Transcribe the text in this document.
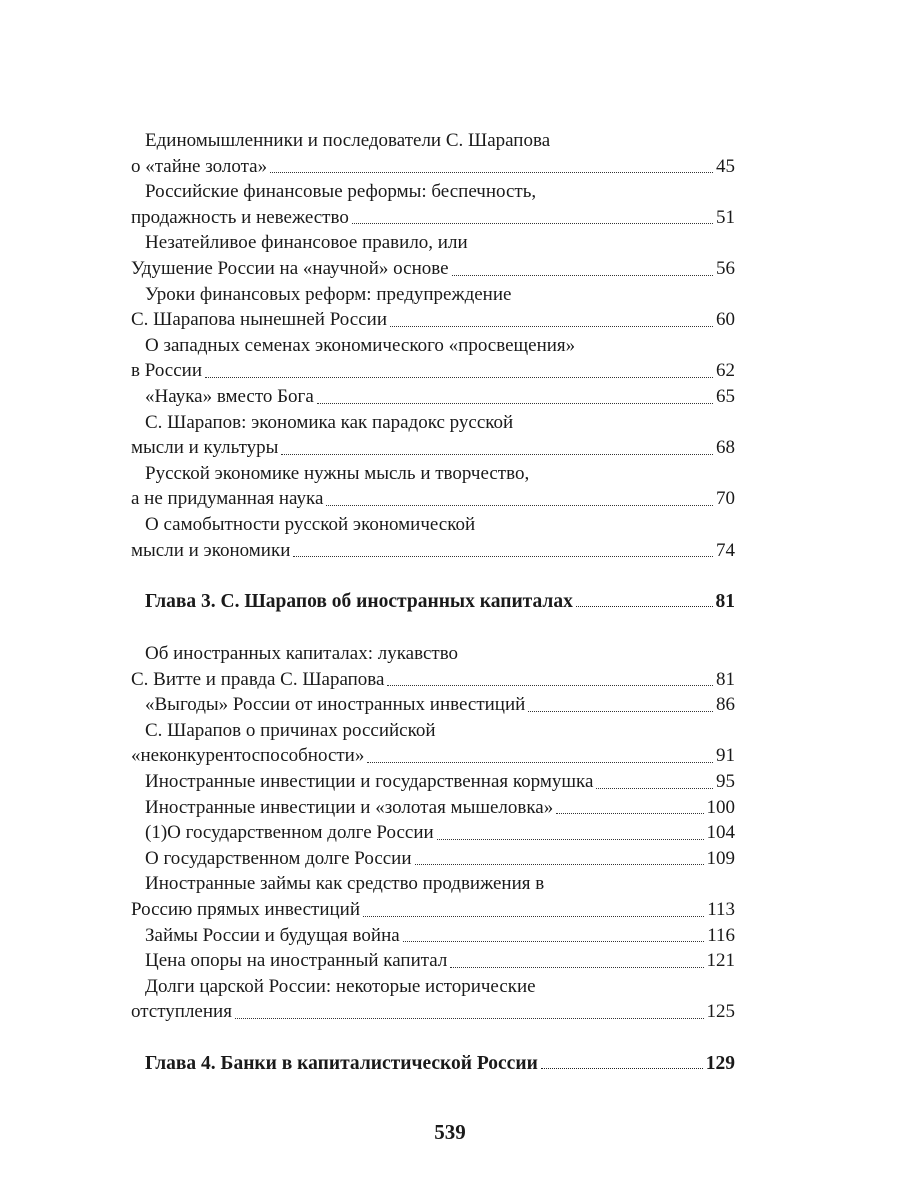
Единомышленники и последователи С. Шарапова
о «тайне золота»	45
Российские финансовые реформы: беспечность,
продажность и невежество	51
Незатейливое финансовое правило, или
Удушение России на «научной» основе	56
Уроки финансовых реформ: предупреждение
С. Шарапова нынешней России	60
О западных семенах экономического «просвещения»
в России	62
«Наука» вместо Бога	65
С. Шарапов: экономика как парадокс русской
мысли и культуры	68
Русской экономике нужны мысль и творчество,
а не придуманная наука	70
О самобытности русской экономической
мысли и экономики	74
Глава 3. С. Шарапов об иностранных капиталах	81
Об иностранных капиталах: лукавство
С. Витте и правда С. Шарапова	81
«Выгоды» России от иностранных инвестиций	86
С. Шарапов о причинах российской
«неконкурентоспособности»	91
Иностранные инвестиции и государственная кормушка	95
Иностранные инвестиции и «золотая мышеловка»	100
(1)О государственном долге России	104
О государственном долге России	109
Иностранные займы как средство продвижения в
Россию прямых инвестиций	113
Займы России и будущая война	116
Цена опоры на иностранный капитал	121
Долги царской России: некоторые исторические
отступления	125
Глава 4. Банки в капиталистической России	129
539
